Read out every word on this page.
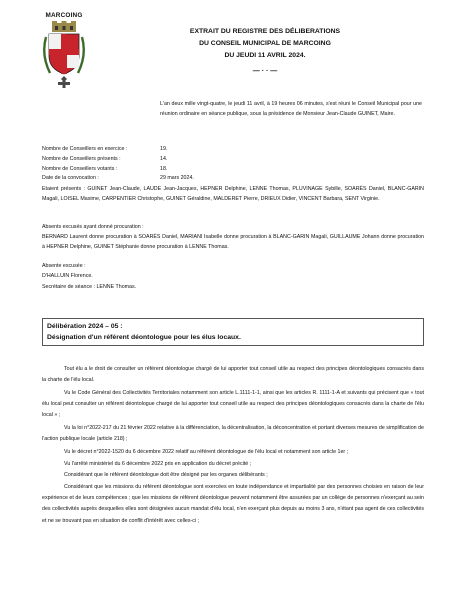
MARCOING
EXTRAIT DU REGISTRE DES DÉLIBERATIONS
DU CONSEIL MUNICIPAL DE MARCOING
DU JEUDI 11 AVRIL 2024.
— · · —
L'an deux mille vingt-quatre, le jeudi 11 avril, à 19 heures 06 minutes, s'est réuni le Conseil Municipal pour une réunion ordinaire en séance publique, sous la présidence de Monsieur Jean-Claude GUINET, Maire.
Nombre de Conseillers en exercice :	19.
Nombre de Conseillers présents :	14.
Nombre de Conseillers votants :	18.
Date de la convocation :	29 mars 2024.
Etaient présents : GUINET Jean-Claude, LAUDE Jean-Jacques, HEPNER Delphine, LENNE Thomas, PLUVINAGE Sybille, SOARÈS Daniel, BLANC-GARIN Magali, LOISEL Maxime, CARPENTIER Christophe, GUINET Géraldine, MALDERET Pierre, DRIEUX Didier, VINCENT Barbara, SENT Virginie.
Absents excusés ayant donné procuration :
BERNARD Laurent donne procuration à SOARÈS Daniel, MARIANI Isabelle donne procuration à BLANC-GARIN Magali, GUILLAUME Johann donne procuration à HEPNER Delphine, GUINET Stéphanie donne procuration à LENNE Thomas.
Absente excusée :
D'HALLUIN Florence.
Secrétaire de séance : LENNE Thomas.
Délibération 2024 – 05 :
Désignation d'un référent déontologue pour les élus locaux.

Tout élu a le droit de consulter un référent déontologue chargé de lui apporter tout conseil utile au respect des principes déontologiques consacrés dans la charte de l'élu local.

Vu le Code Général des Collectivités Territoriales notamment son article L.1111-1-1, ainsi que les articles R. 1111-1-A et suivants qui précisent que « tout élu local peut consulter un référent déontologue chargé de lui apporter tout conseil utile au respect des principes déontologiques consacrés dans la charte de l'élu local » ;

Vu la loi n°2022-217 du 21 février 2022 relative à la différenciation, la décentralisation, la déconcentration et portant diverses mesures de simplification de l'action publique locale (article 218) ;

Vu le décret n°2022-1520 du 6 décembre 2022 relatif au référent déontologue de l'élu local et notamment son article 1er ;

Vu l'arrêté ministériel du 6 décembre 2022 pris en application du décret précité ;

Considérant que le référent déontologue doit être désigné par les organes délibérants ;

Considérant que les missions du référent déontologue sont exercées en toute indépendance et impartialité par des personnes choisies en raison de leur expérience et de leurs compétences ; que les missions de référent déontologue peuvent notamment être assurées par un collège de personnes n'exerçant au sein des collectivités auprès desquelles elles sont désignées aucun mandat d'élu local, n'en exerçant plus depuis au moins 3 ans, n'étant pas agent de ces collectivités et ne se trouvant pas en situation de conflit d'intérêt avec celles-ci ;
